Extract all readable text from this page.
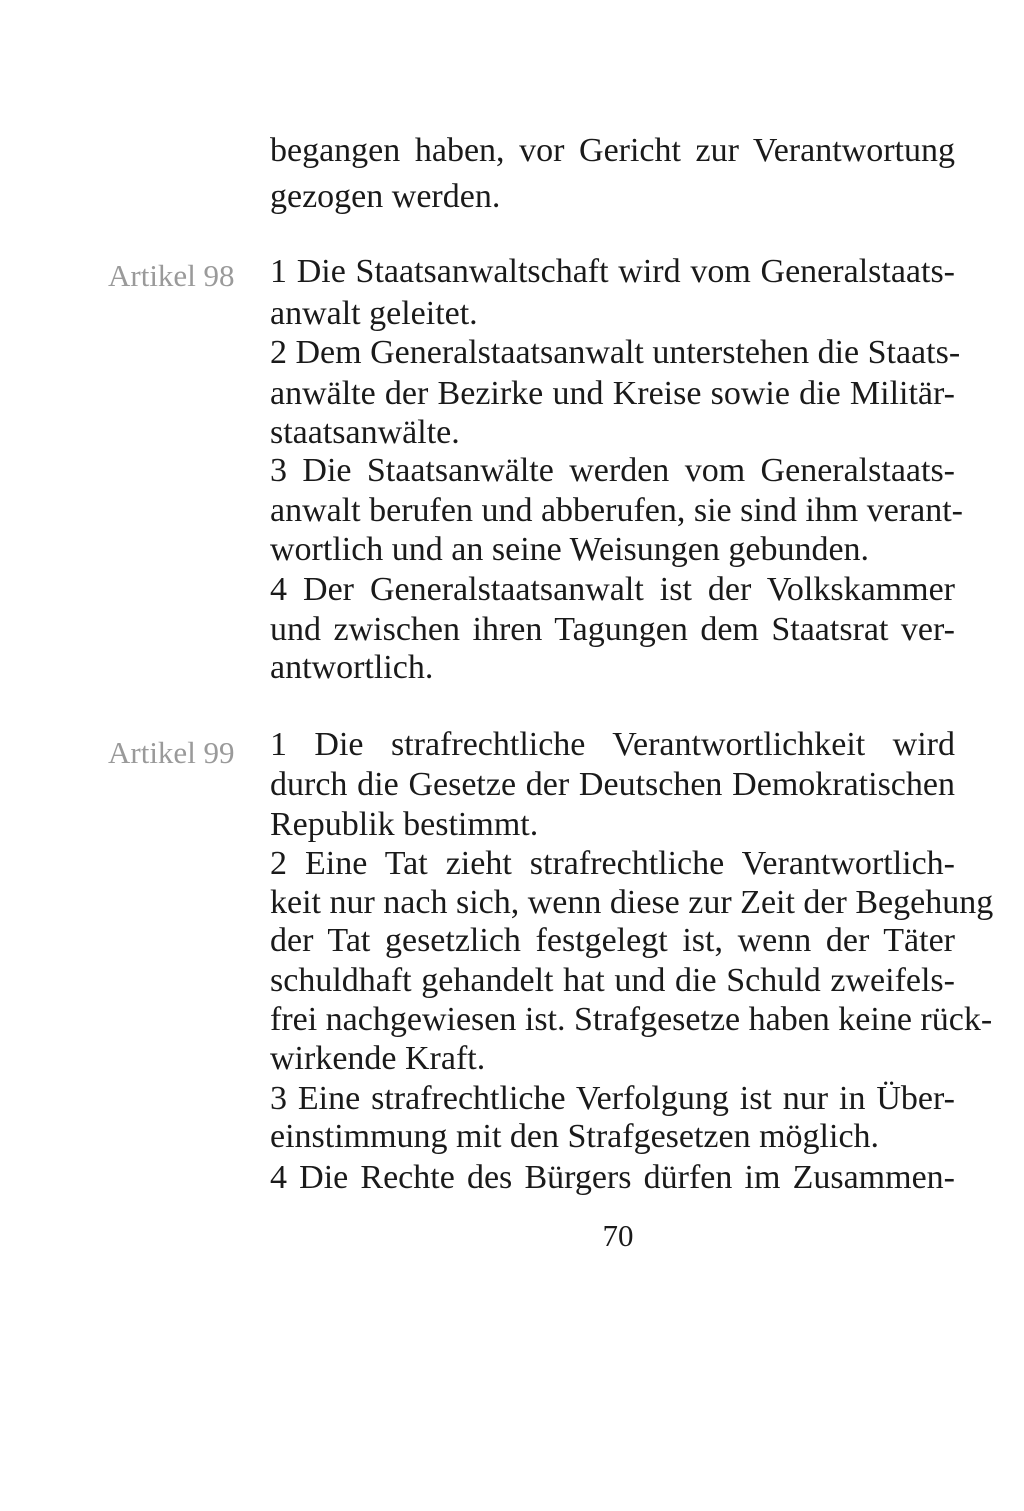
begangen haben, vor Gericht zur Verantwortung
gezogen werden.
Artikel 98 1 Die Staatsanwaltschaft wird vom Generalstaats-
anwalt geleitet.
2 Dem Generalstaatsanwalt unterstehen die Staats-
anwälte der Bezirke und Kreise sowie die Militär-
staatsanwälte.
3 Die Staatsanwälte werden vom Generalstaats-
anwalt berufen und abberufen, sie sind ihm verant-
wortlich und an seine Weisungen gebunden.
4 Der Generalstaatsanwalt ist der Volkskammer
und zwischen ihren Tagungen dem Staatsrat ver-
antwortlich.
Artikel 99 1 Die strafrechtliche Verantwortlichkeit wird
durch die Gesetze der Deutschen Demokratischen
Republik bestimmt.
2 Eine Tat zieht strafrechtliche Verantwortlich-
keit nur nach sich, wenn diese zur Zeit der Begehung
der Tat gesetzlich festgelegt ist, wenn der Täter
schuldhaft gehandelt hat und die Schuld zweifels-
frei nachgewiesen ist. Strafgesetze haben keine rück-
wirkende Kraft.
3 Eine strafrechtliche Verfolgung ist nur in Über-
einstimmung mit den Strafgesetzen möglich.
4 Die Rechte des Bürgers dürfen im Zusammen-
70
